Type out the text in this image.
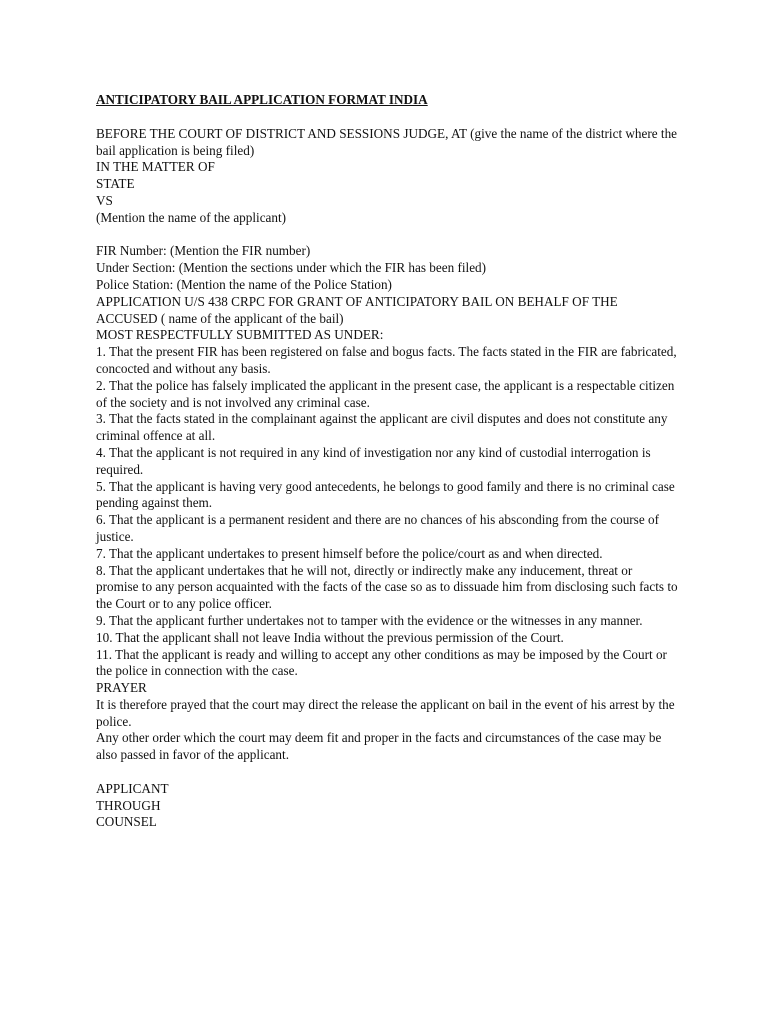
ANTICIPATORY BAIL APPLICATION FORMAT INDIA
BEFORE THE COURT OF DISTRICT AND SESSIONS JUDGE, AT (give the name of the district where the bail application is being filed)
IN THE MATTER OF
STATE
VS
(Mention the name of the applicant)
FIR Number: (Mention the FIR number)
Under Section: (Mention the sections under which the FIR has been filed)
Police Station: (Mention the name of the Police Station)
APPLICATION U/S 438 CRPC FOR GRANT OF ANTICIPATORY BAIL ON BEHALF OF THE ACCUSED ( name of the applicant of the bail)
MOST RESPECTFULLY SUBMITTED AS UNDER:
1. That the present FIR has been registered on false and bogus facts. The facts stated in the FIR are fabricated, concocted and without any basis.
2. That the police has falsely implicated the applicant in the present case, the applicant is a respectable citizen of the society and is not involved any criminal case.
3. That the facts stated in the complainant against the applicant are civil disputes and does not constitute any criminal offence at all.
4. That the applicant is not required in any kind of investigation nor any kind of custodial interrogation is required.
5. That the applicant is having very good antecedents, he belongs to good family and there is no criminal case pending against them.
6. That the applicant is a permanent resident and there are no chances of his absconding from the course of justice.
7. That the applicant undertakes to present himself before the police/court as and when directed.
8. That the applicant undertakes that he will not, directly or indirectly make any inducement, threat or promise to any person acquainted with the facts of the case so as to dissuade him from disclosing such facts to the Court or to any police officer.
9. That the applicant further undertakes not to tamper with the evidence or the witnesses in any manner.
10. That the applicant shall not leave India without the previous permission of the Court.
11. That the applicant is ready and willing to accept any other conditions as may be imposed by the Court or the police in connection with the case.
PRAYER
It is therefore prayed that the court may direct the release the applicant on bail in the event of his arrest by the police.
Any other order which the court may deem fit and proper in the facts and circumstances of the case may be also passed in favor of the applicant.
APPLICANT
THROUGH
COUNSEL
